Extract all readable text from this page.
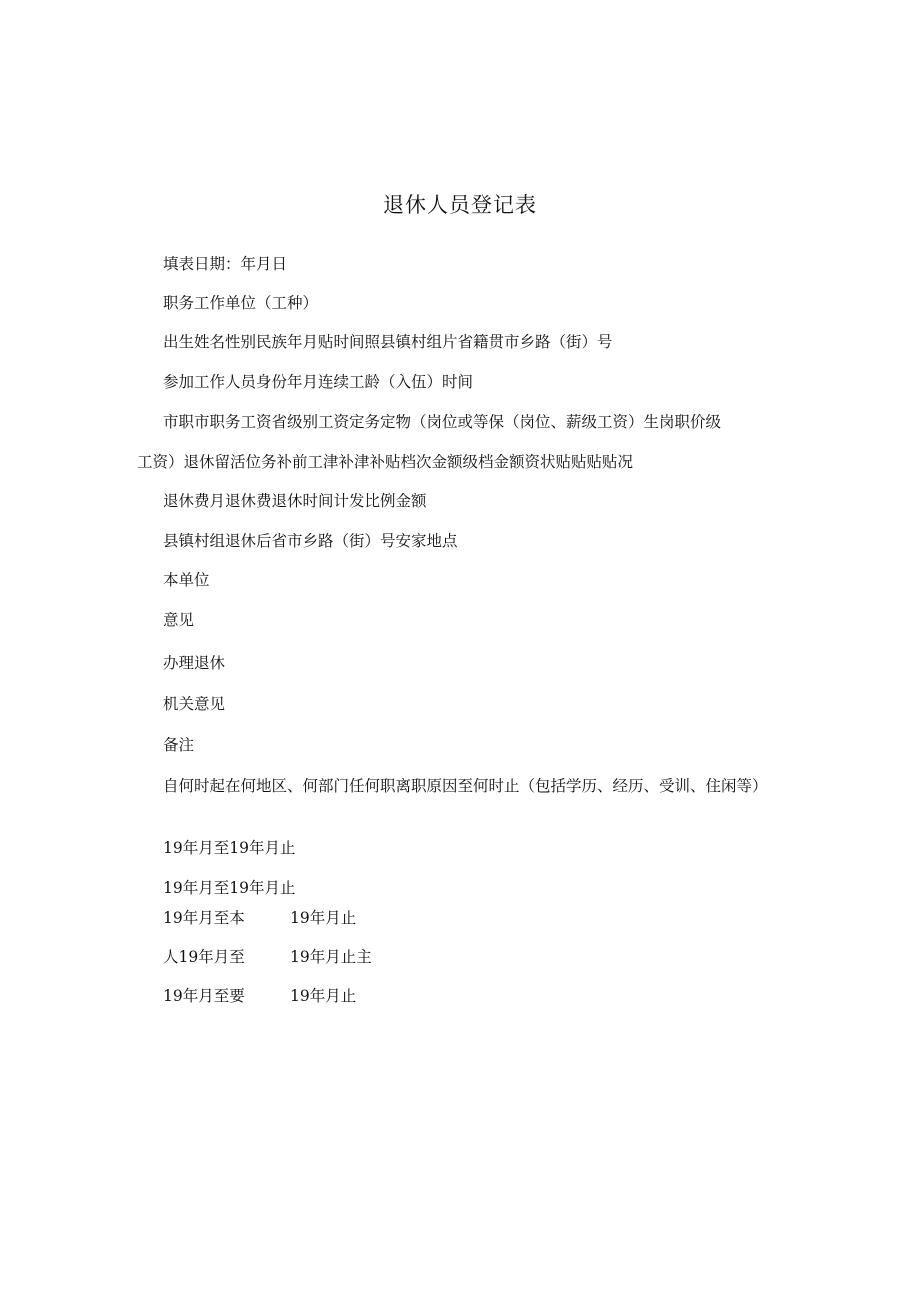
退休人员登记表

填表日期：年月日

职务工作单位（工种）

出生姓名性别民族年月贴时间照县镇村组片省籍贯市乡路（街）号

参加工作人员身份年月连续工龄（入伍）时间

市职市职务工资省级别工资定务定物（岗位或等保（岗位、薪级工资）生岗职价级

工资）退休留活位务补前工津补津补贴档次金额级档金额资状贴贴贴贴况

退休费月退休费退休时间计发比例金额

县镇村组退休后省市乡路（街）号安家地点

本单位

意见

办理退休

机关意见

备注

自何时起在何地区、何部门任何职离职原因至何时止（包括学历、经历、受训、住闲等）

19年月至19年月止
19年月至19年月止
19年月至本	19年月止
人19年月至	19年月止主
19年月至要	19年月止
